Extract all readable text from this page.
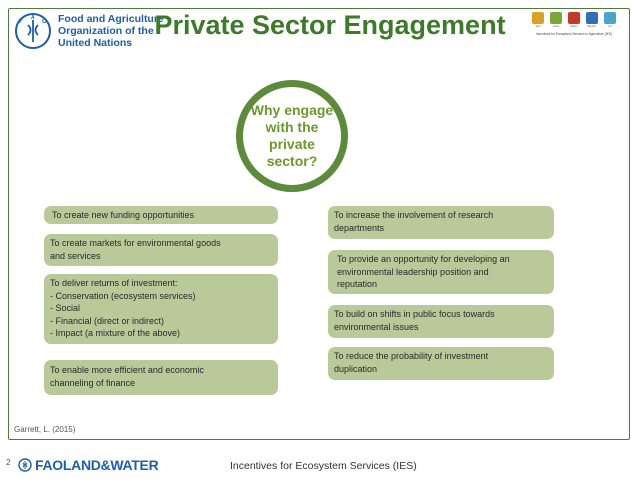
F
A
O Food and Agriculture
Organization of the
United Nations
Private Sector Engagement	Soil	Land	Water	Biodiv.	Air
Incentives for Ecosystem Services in Agriculture (IES)
Why engage
with the
private
sector?
To create new funding opportunities
To create markets for environmental goods
and services
To deliver returns of investment:
- Conservation (ecosystem services)
- Social
- Financial (direct or indirect)
- Impact (a mixture of the above)
To enable more efficient and economic
channeling of finance
To increase the involvement of research
departments
To provide an opportunity for developing an
environmental leadership position and
reputation
To build on shifts in public focus towards
environmental issues
To reduce the probability of investment
duplication
Garrett, L. (2015)
2 FAOLAND&WATER	Incentives for Ecosystem Services (IES)
